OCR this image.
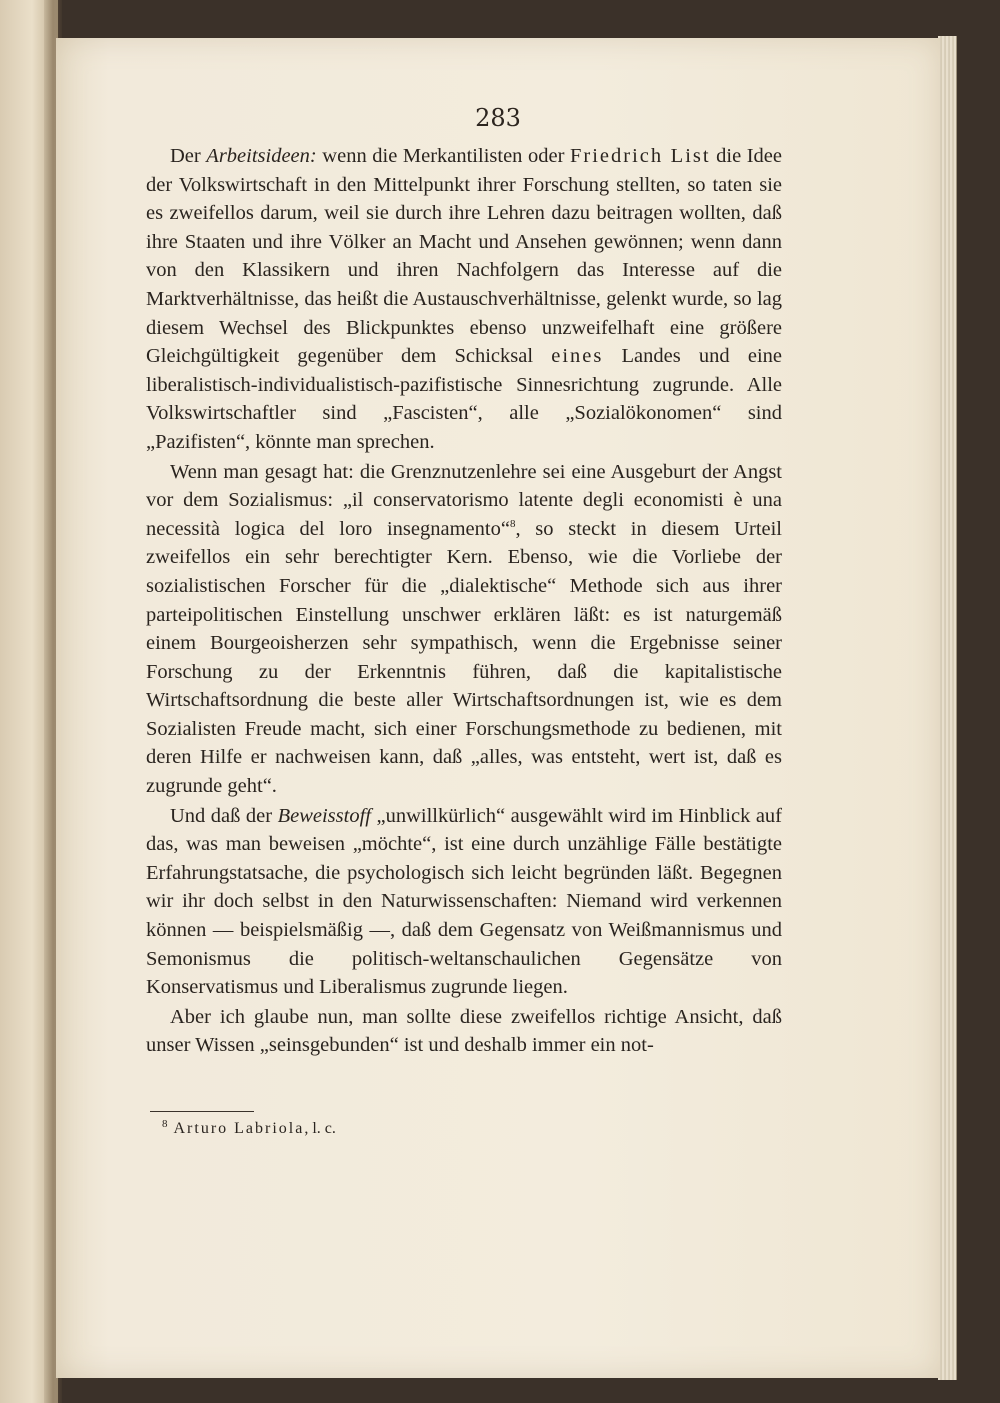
283

Der Arbeitsideen: wenn die Merkantilisten oder Friedrich List die Idee der Volkswirtschaft in den Mittelpunkt ihrer Forschung stellten, so taten sie es zweifellos darum, weil sie durch ihre Lehren dazu beitragen wollten, daß ihre Staaten und ihre Völker an Macht und Ansehen gewönnen; wenn dann von den Klassikern und ihren Nachfolgern das Interesse auf die Marktverhältnisse, das heißt die Austauschverhältnisse, gelenkt wurde, so lag diesem Wechsel des Blickpunktes ebenso unzweifelhaft eine größere Gleichgültigkeit gegenüber dem Schicksal eines Landes und eine liberalistisch-individualistisch-pazifistische Sinnesrichtung zugrunde. Alle Volkswirtschaftler sind „Fascisten“, alle „Sozialökonomen“ sind „Pazifisten“, könnte man sprechen.

Wenn man gesagt hat: die Grenznutzenlehre sei eine Ausgeburt der Angst vor dem Sozialismus: „il conservatorismo latente degli economisti è una necessità logica del loro insegnamento“$^8$, so steckt in diesem Urteil zweifellos ein sehr berechtigter Kern. Ebenso, wie die Vorliebe der sozialistischen Forscher für die „dialektische“ Methode sich aus ihrer parteipolitischen Einstellung unschwer erklären läßt: es ist naturgemäß einem Bourgeoisherzen sehr sympathisch, wenn die Ergebnisse seiner Forschung zu der Erkenntnis führen, daß die kapitalistische Wirtschaftsordnung die beste aller Wirtschaftsordnungen ist, wie es dem Sozialisten Freude macht, sich einer Forschungsmethode zu bedienen, mit deren Hilfe er nachweisen kann, daß „alles, was entsteht, wert ist, daß es zugrunde geht“.

Und daß der Beweisstoff „unwillkürlich“ ausgewählt wird im Hinblick auf das, was man beweisen „möchte“, ist eine durch unzählige Fälle bestätigte Erfahrungstatsache, die psychologisch sich leicht begründen läßt. Begegnen wir ihr doch selbst in den Naturwissenschaften: Niemand wird verkennen können — beispielsmäßig —, daß dem Gegensatz von Weißmannismus und Semonismus die politisch-weltanschaulichen Gegensätze von Konservatismus und Liberalismus zugrunde liegen.

Aber ich glaube nun, man sollte diese zweifellos richtige Ansicht, daß unser Wissen „seinsgebunden“ ist und deshalb immer ein not-

$^8$ Arturo Labriola, l. c.
